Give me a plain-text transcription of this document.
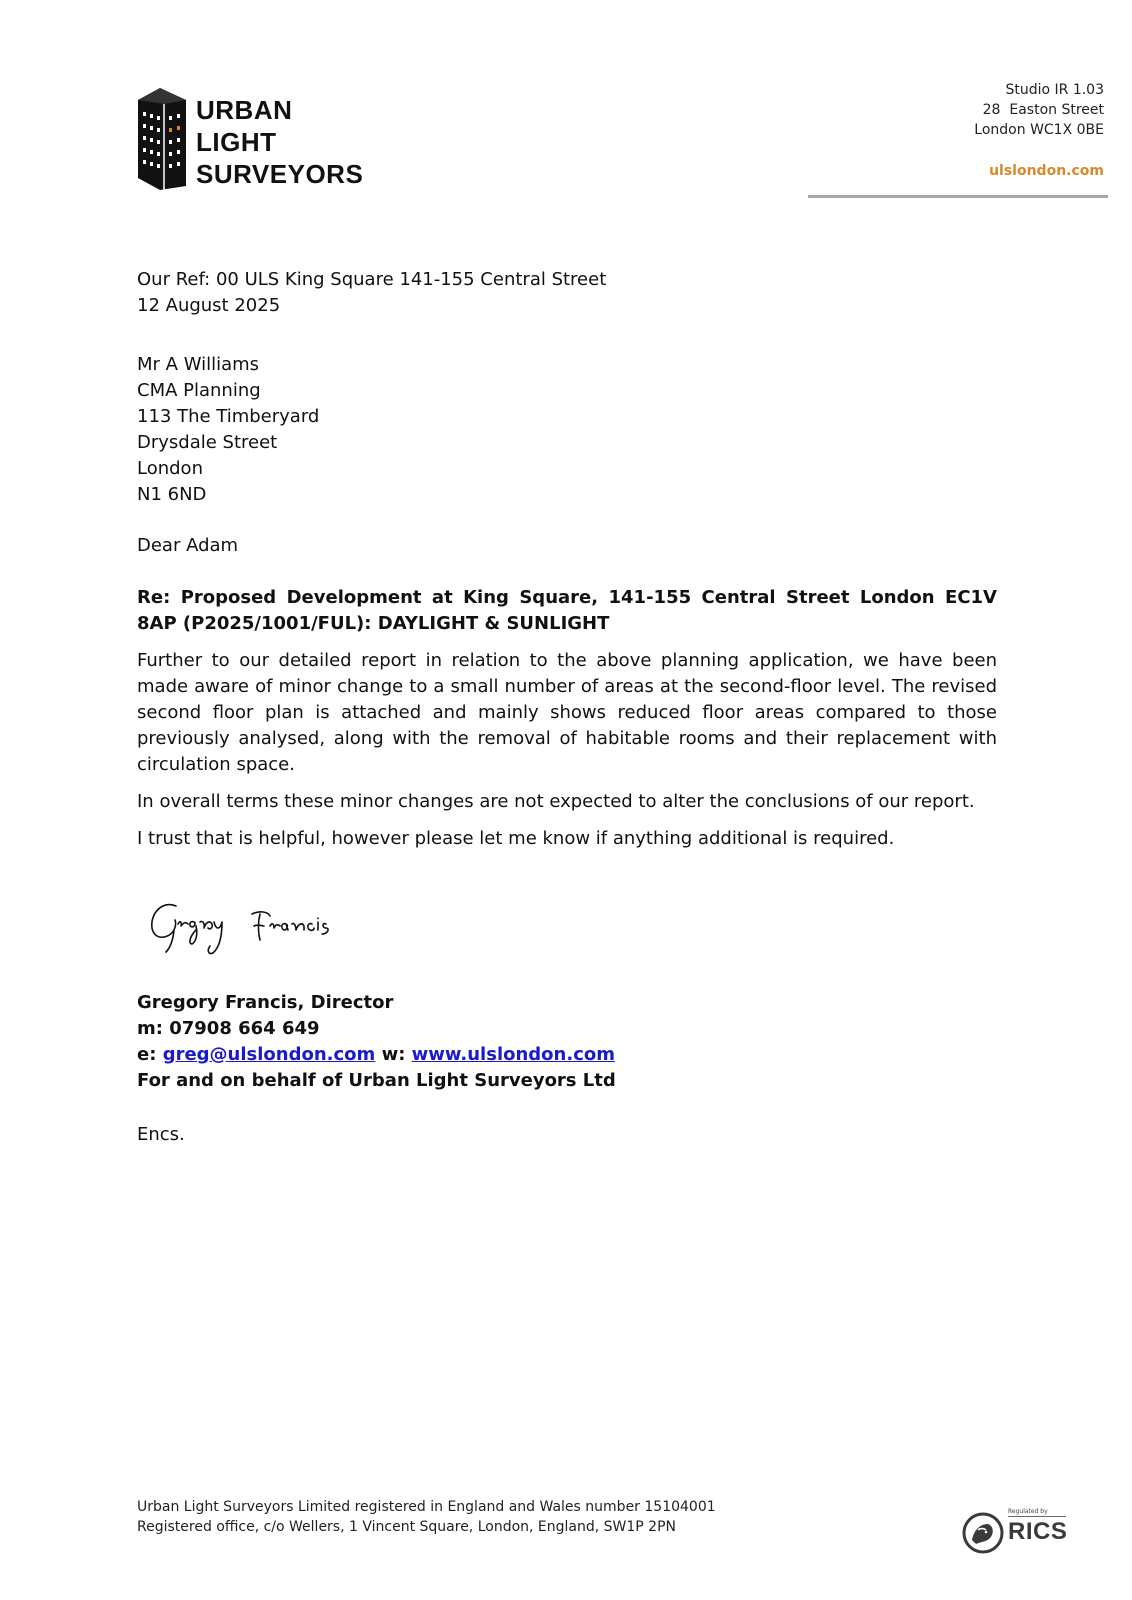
URBAN
LIGHT
SURVEYORS
Studio IR 1.03
28  Easton Street
London WC1X 0BE
ulslondon.com
Our Ref: 00 ULS King Square 141-155 Central Street
12 August 2025
Mr A Williams
CMA Planning
113 The Timberyard
Drysdale Street
London
N1 6ND
Dear Adam
Re: Proposed Development at King Square, 141-155 Central Street London EC1V 8AP (P2025/1001/FUL): DAYLIGHT & SUNLIGHT

Further to our detailed report in relation to the above planning application, we have been made aware of minor change to a small number of areas at the second-floor level. The revised second floor plan is attached and mainly shows reduced floor areas compared to those previously analysed, along with the removal of habitable rooms and their replacement with circulation space.

In overall terms these minor changes are not expected to alter the conclusions of our report.

I trust that is helpful, however please let me know if anything additional is required.

Gregory Francis, Director
m: 07908 664 649
e: greg@ulslondon.com w: www.ulslondon.com
For and on behalf of Urban Light Surveyors Ltd
Encs.
Urban Light Surveyors Limited registered in England and Wales number 15104001
Registered office, c/o Wellers, 1 Vincent Square, London, England, SW1P 2PN
Regulated by
RICS
